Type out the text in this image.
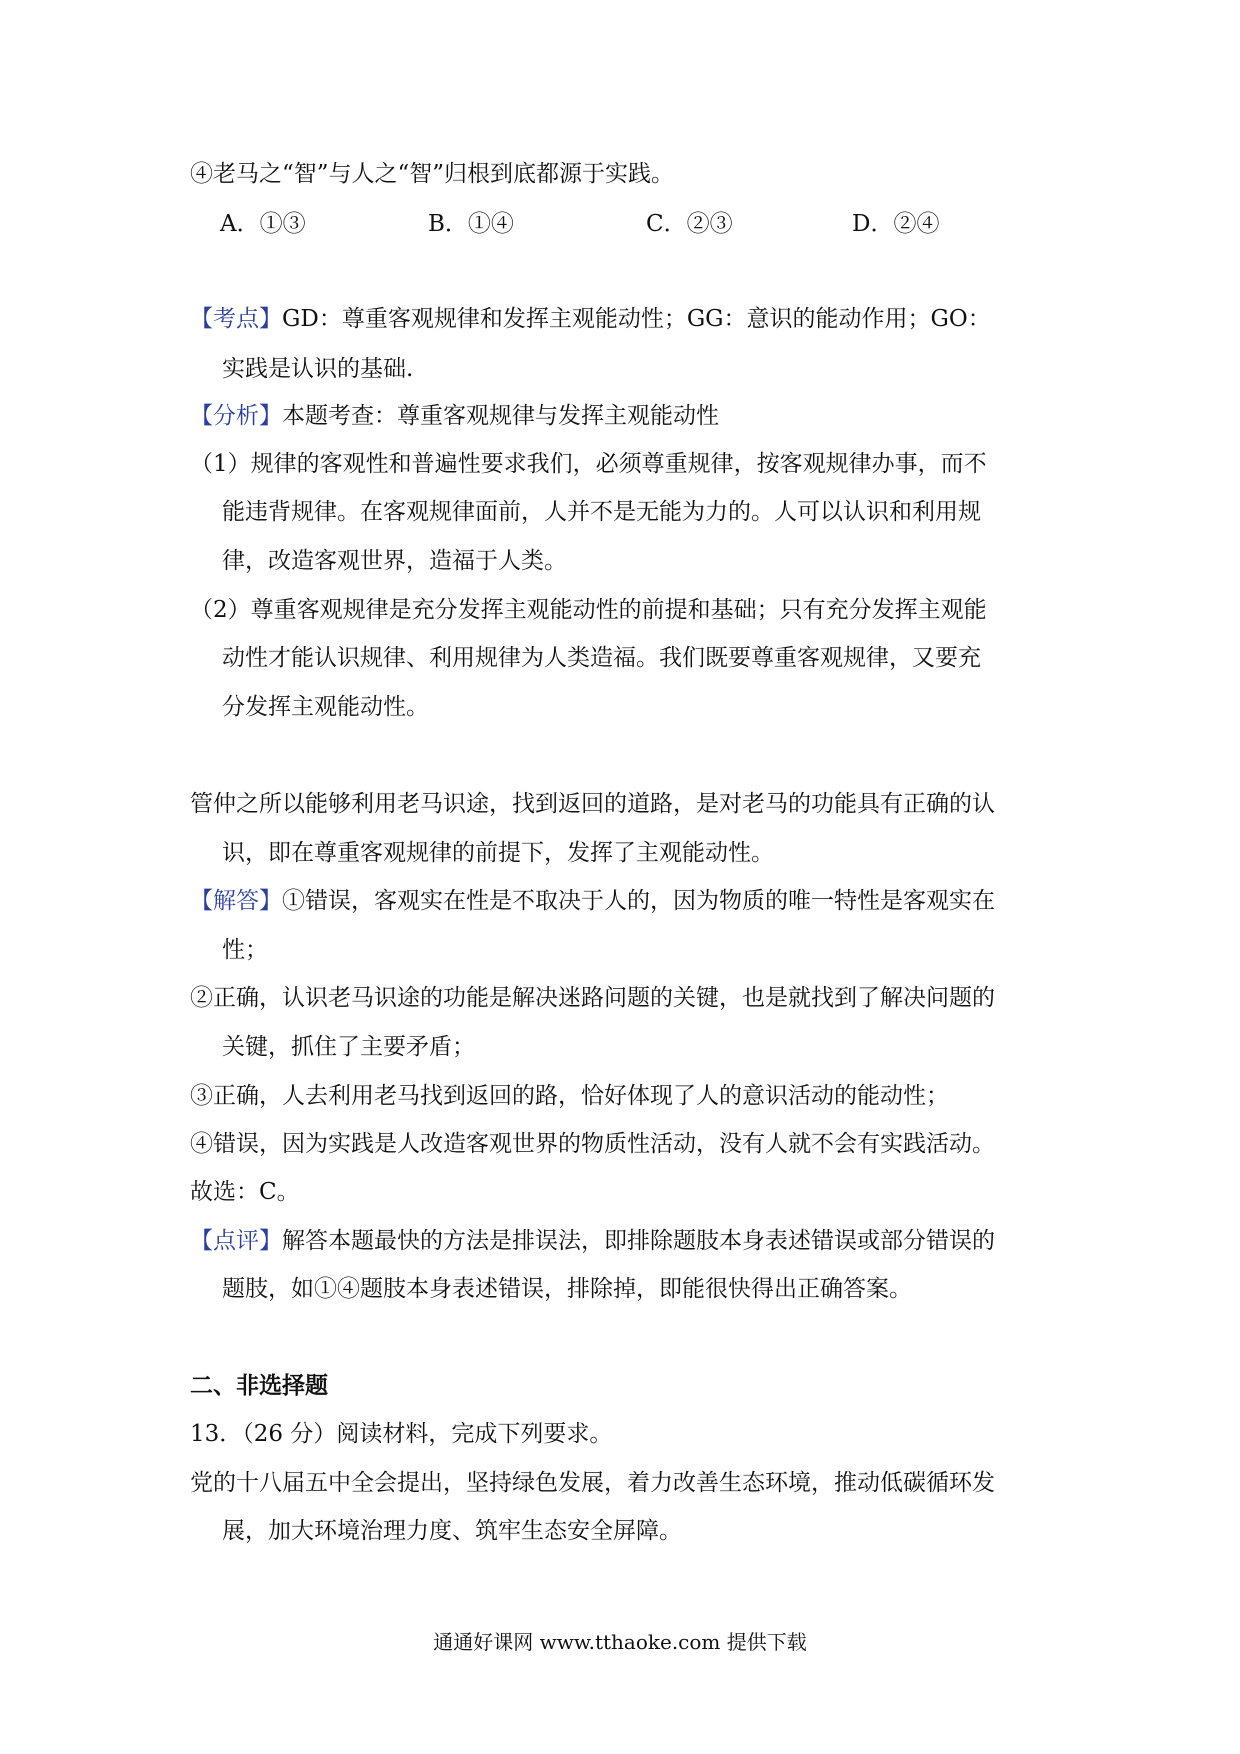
④老马之“智”与人之“智”归根到底都源于实践。
A．①③	B．①④	C．②③	D．②④
【考点】GD：尊重客观规律和发挥主观能动性；GG：意识的能动作用；GO：
实践是认识的基础.
【分析】本题考查：尊重客观规律与发挥主观能动性
（1）规律的客观性和普遍性要求我们，必须尊重规律，按客观规律办事，而不
能违背规律。在客观规律面前，人并不是无能为力的。人可以认识和利用规
律，改造客观世界，造福于人类。
（2）尊重客观规律是充分发挥主观能动性的前提和基础；只有充分发挥主观能
动性才能认识规律、利用规律为人类造福。我们既要尊重客观规律，又要充
分发挥主观能动性。
管仲之所以能够利用老马识途，找到返回的道路，是对老马的功能具有正确的认
识，即在尊重客观规律的前提下，发挥了主观能动性。
【解答】①错误，客观实在性是不取决于人的，因为物质的唯一特性是客观实在
性；
②正确，认识老马识途的功能是解决迷路问题的关键，也是就找到了解决问题的
关键，抓住了主要矛盾；
③正确，人去利用老马找到返回的路，恰好体现了人的意识活动的能动性；
④错误，因为实践是人改造客观世界的物质性活动，没有人就不会有实践活动。
故选：C。
【点评】解答本题最快的方法是排误法，即排除题肢本身表述错误或部分错误的
题肢，如①④题肢本身表述错误，排除掉，即能很快得出正确答案。
二、非选择题
13．（26 分）阅读材料，完成下列要求。
党的十八届五中全会提出，坚持绿色发展，着力改善生态环境，推动低碳循环发
展，加大环境治理力度、筑牢生态安全屏障。
通通好课网 www.tthaoke.com 提供下载
